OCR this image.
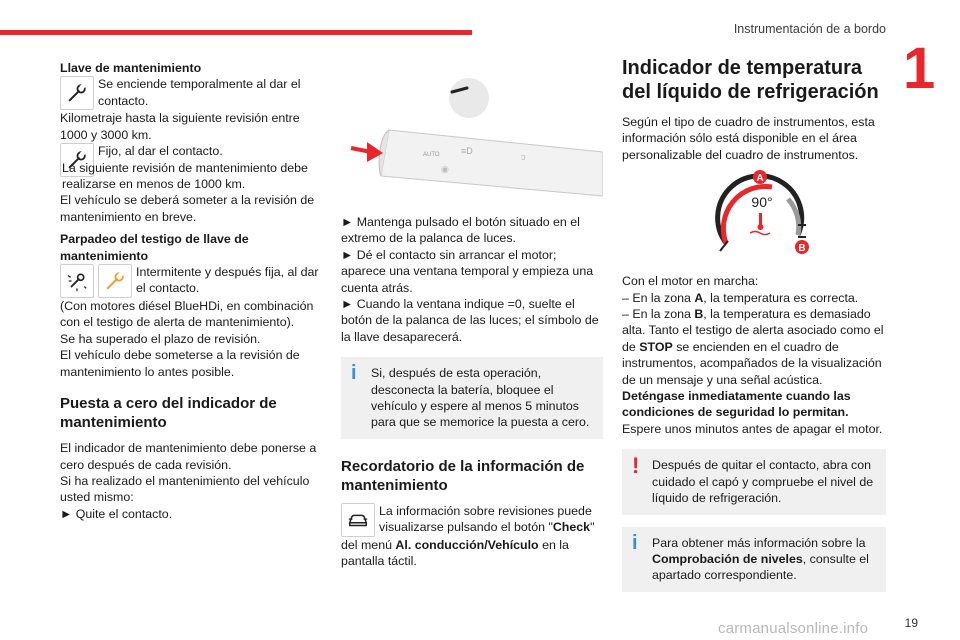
Instrumentación de a bordo
1

Llave de mantenimiento

Se enciende temporalmente al dar el contacto.

Kilometraje hasta la siguiente revisión entre 1000 y 3000 km.

Fijo, al dar el contacto.

La siguiente revisión de mantenimiento debe realizarse en menos de 1000 km.

El vehículo se deberá someter a la revisión de mantenimiento en breve.

Parpadeo del testigo de llave de mantenimiento

Intermitente y después fija, al dar el contacto.

(Con motores diésel BlueHDi, en combinación con el testigo de alerta de mantenimiento).

Se ha superado el plazo de revisión.

El vehículo debe someterse a la revisión de mantenimiento lo antes posible.

Puesta a cero del indicador de mantenimiento

El indicador de mantenimiento debe ponerse a cero después de cada revisión.

Si ha realizado el mantenimiento del vehículo usted mismo:

► Quite el contacto.

AUTO ≡D
ᴐ
◉

► Mantenga pulsado el botón situado en el extremo de la palanca de luces.

► Dé el contacto sin arrancar el motor; aparece una ventana temporal y empieza una cuenta atrás.

► Cuando la ventana indique =0, suelte el botón de la palanca de las luces; el símbolo de la llave desaparecerá.

i	Si, después de esta operación, desconecta la batería, bloquee el vehículo y espere al menos 5 minutos para que se memorice la puesta a cero.

Recordatorio de la información de mantenimiento

La información sobre revisiones puede visualizarse pulsando el botón "Check"

del menú Al. conducción/Vehículo en la pantalla táctil.

Indicador de temperatura del líquido de refrigeración

Según el tipo de cuadro de instrumentos, esta información sólo está disponible en el área personalizable del cuadro de instrumentos.

A
B
90°

Con el motor en marcha:

– En la zona A, la temperatura es correcta.

– En la zona B, la temperatura es demasiado alta. Tanto el testigo de alerta asociado como el de STOP se encienden en el cuadro de instrumentos, acompañados de la visualización de un mensaje y una señal acústica.

Deténgase inmediatamente cuando las condiciones de seguridad lo permitan.

Espere unos minutos antes de apagar el motor.

!	Después de quitar el contacto, abra con cuidado el capó y compruebe el nivel de líquido de refrigeración.

i	Para obtener más información sobre la Comprobación de niveles, consulte el apartado correspondiente.

19
carmanualsonline.info
